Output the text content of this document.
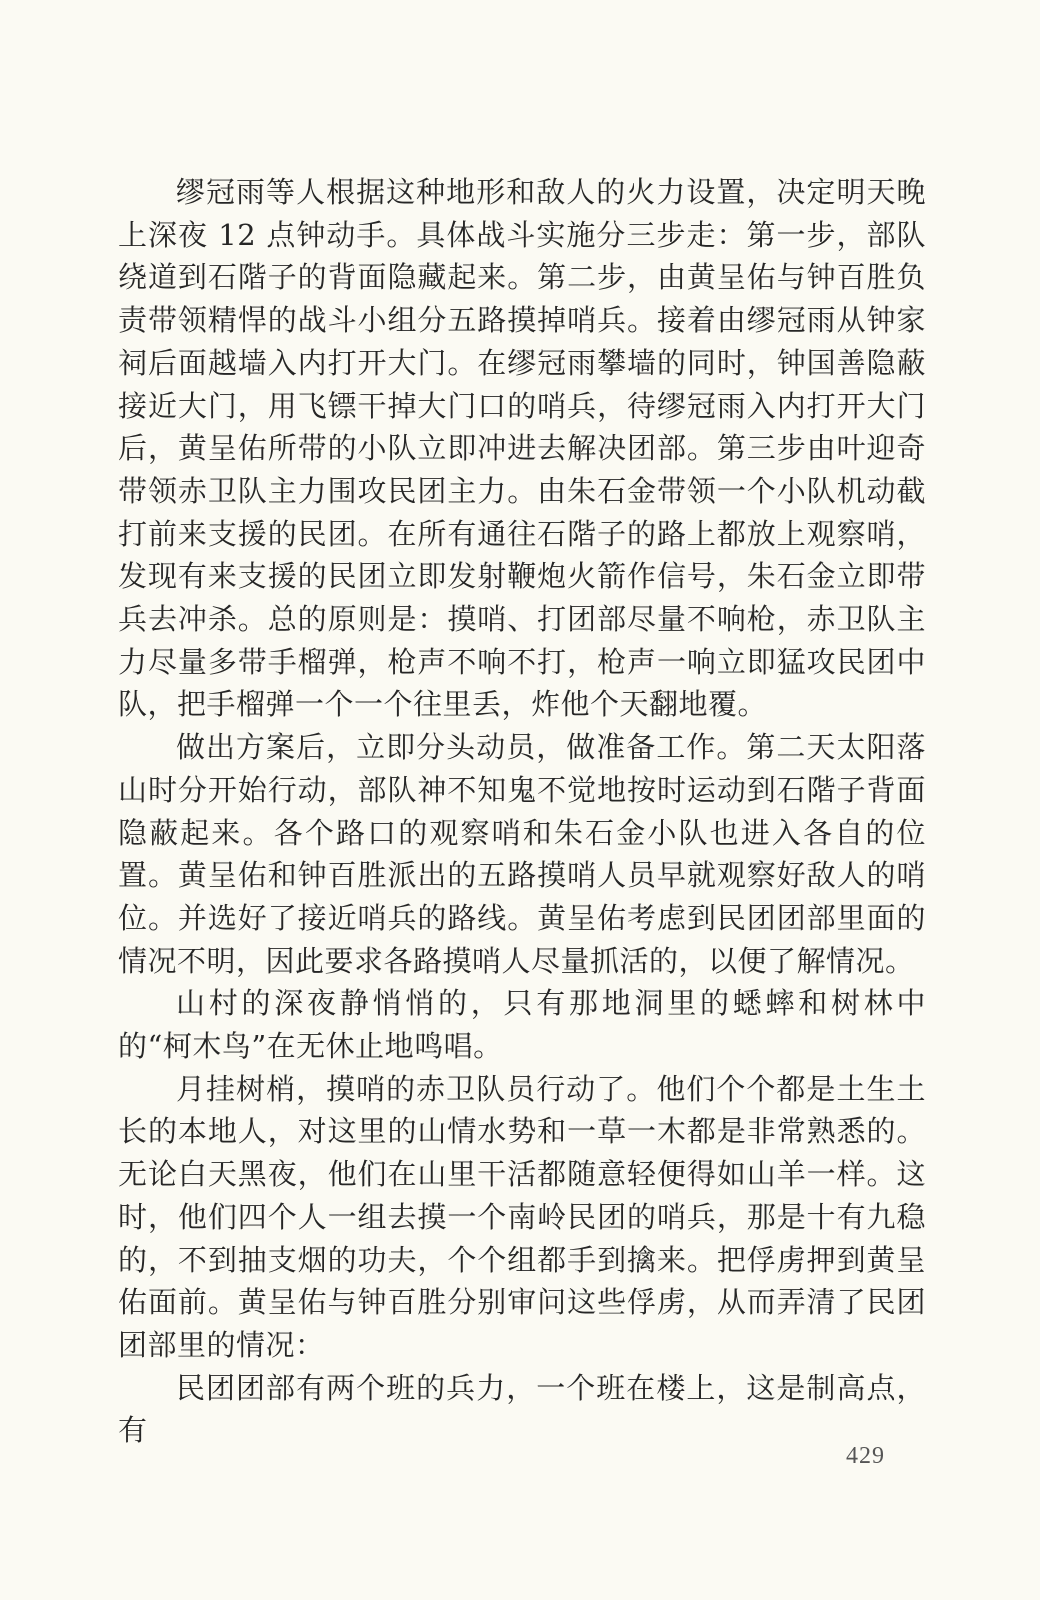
缪冠雨等人根据这种地形和敌人的火力设置，决定明天晚上深夜 12 点钟动手。具体战斗实施分三步走：第一步，部队绕道到石階子的背面隐藏起来。第二步，由黄呈佑与钟百胜负责带领精悍的战斗小组分五路摸掉哨兵。接着由缪冠雨从钟家祠后面越墙入内打开大门。在缪冠雨攀墙的同时，钟国善隐蔽接近大门，用飞镖干掉大门口的哨兵，待缪冠雨入内打开大门后，黄呈佑所带的小队立即冲进去解决团部。第三步由叶迎奇带领赤卫队主力围攻民团主力。由朱石金带领一个小队机动截打前来支援的民团。在所有通往石階子的路上都放上观察哨，发现有来支援的民团立即发射鞭炮火箭作信号，朱石金立即带兵去冲杀。总的原则是：摸哨、打团部尽量不响枪，赤卫队主力尽量多带手榴弹，枪声不响不打，枪声一响立即猛攻民团中队，把手榴弹一个一个往里丢，炸他个天翻地覆。

做出方案后，立即分头动员，做准备工作。第二天太阳落山时分开始行动，部队神不知鬼不觉地按时运动到石階子背面隐蔽起来。各个路口的观察哨和朱石金小队也进入各自的位置。黄呈佑和钟百胜派出的五路摸哨人员早就观察好敌人的哨位。并选好了接近哨兵的路线。黄呈佑考虑到民团团部里面的情况不明，因此要求各路摸哨人尽量抓活的，以便了解情况。

山村的深夜静悄悄的，只有那地洞里的蟋蟀和树林中的“柯木鸟”在无休止地鸣唱。

月挂树梢，摸哨的赤卫队员行动了。他们个个都是土生土长的本地人，对这里的山情水势和一草一木都是非常熟悉的。无论白天黑夜，他们在山里干活都随意轻便得如山羊一样。这时，他们四个人一组去摸一个南岭民团的哨兵，那是十有九稳的，不到抽支烟的功夫，个个组都手到擒来。把俘虏押到黄呈佑面前。黄呈佑与钟百胜分别审问这些俘虏，从而弄清了民团团部里的情况：

民团团部有两个班的兵力，一个班在楼上，这是制高点，有

429
